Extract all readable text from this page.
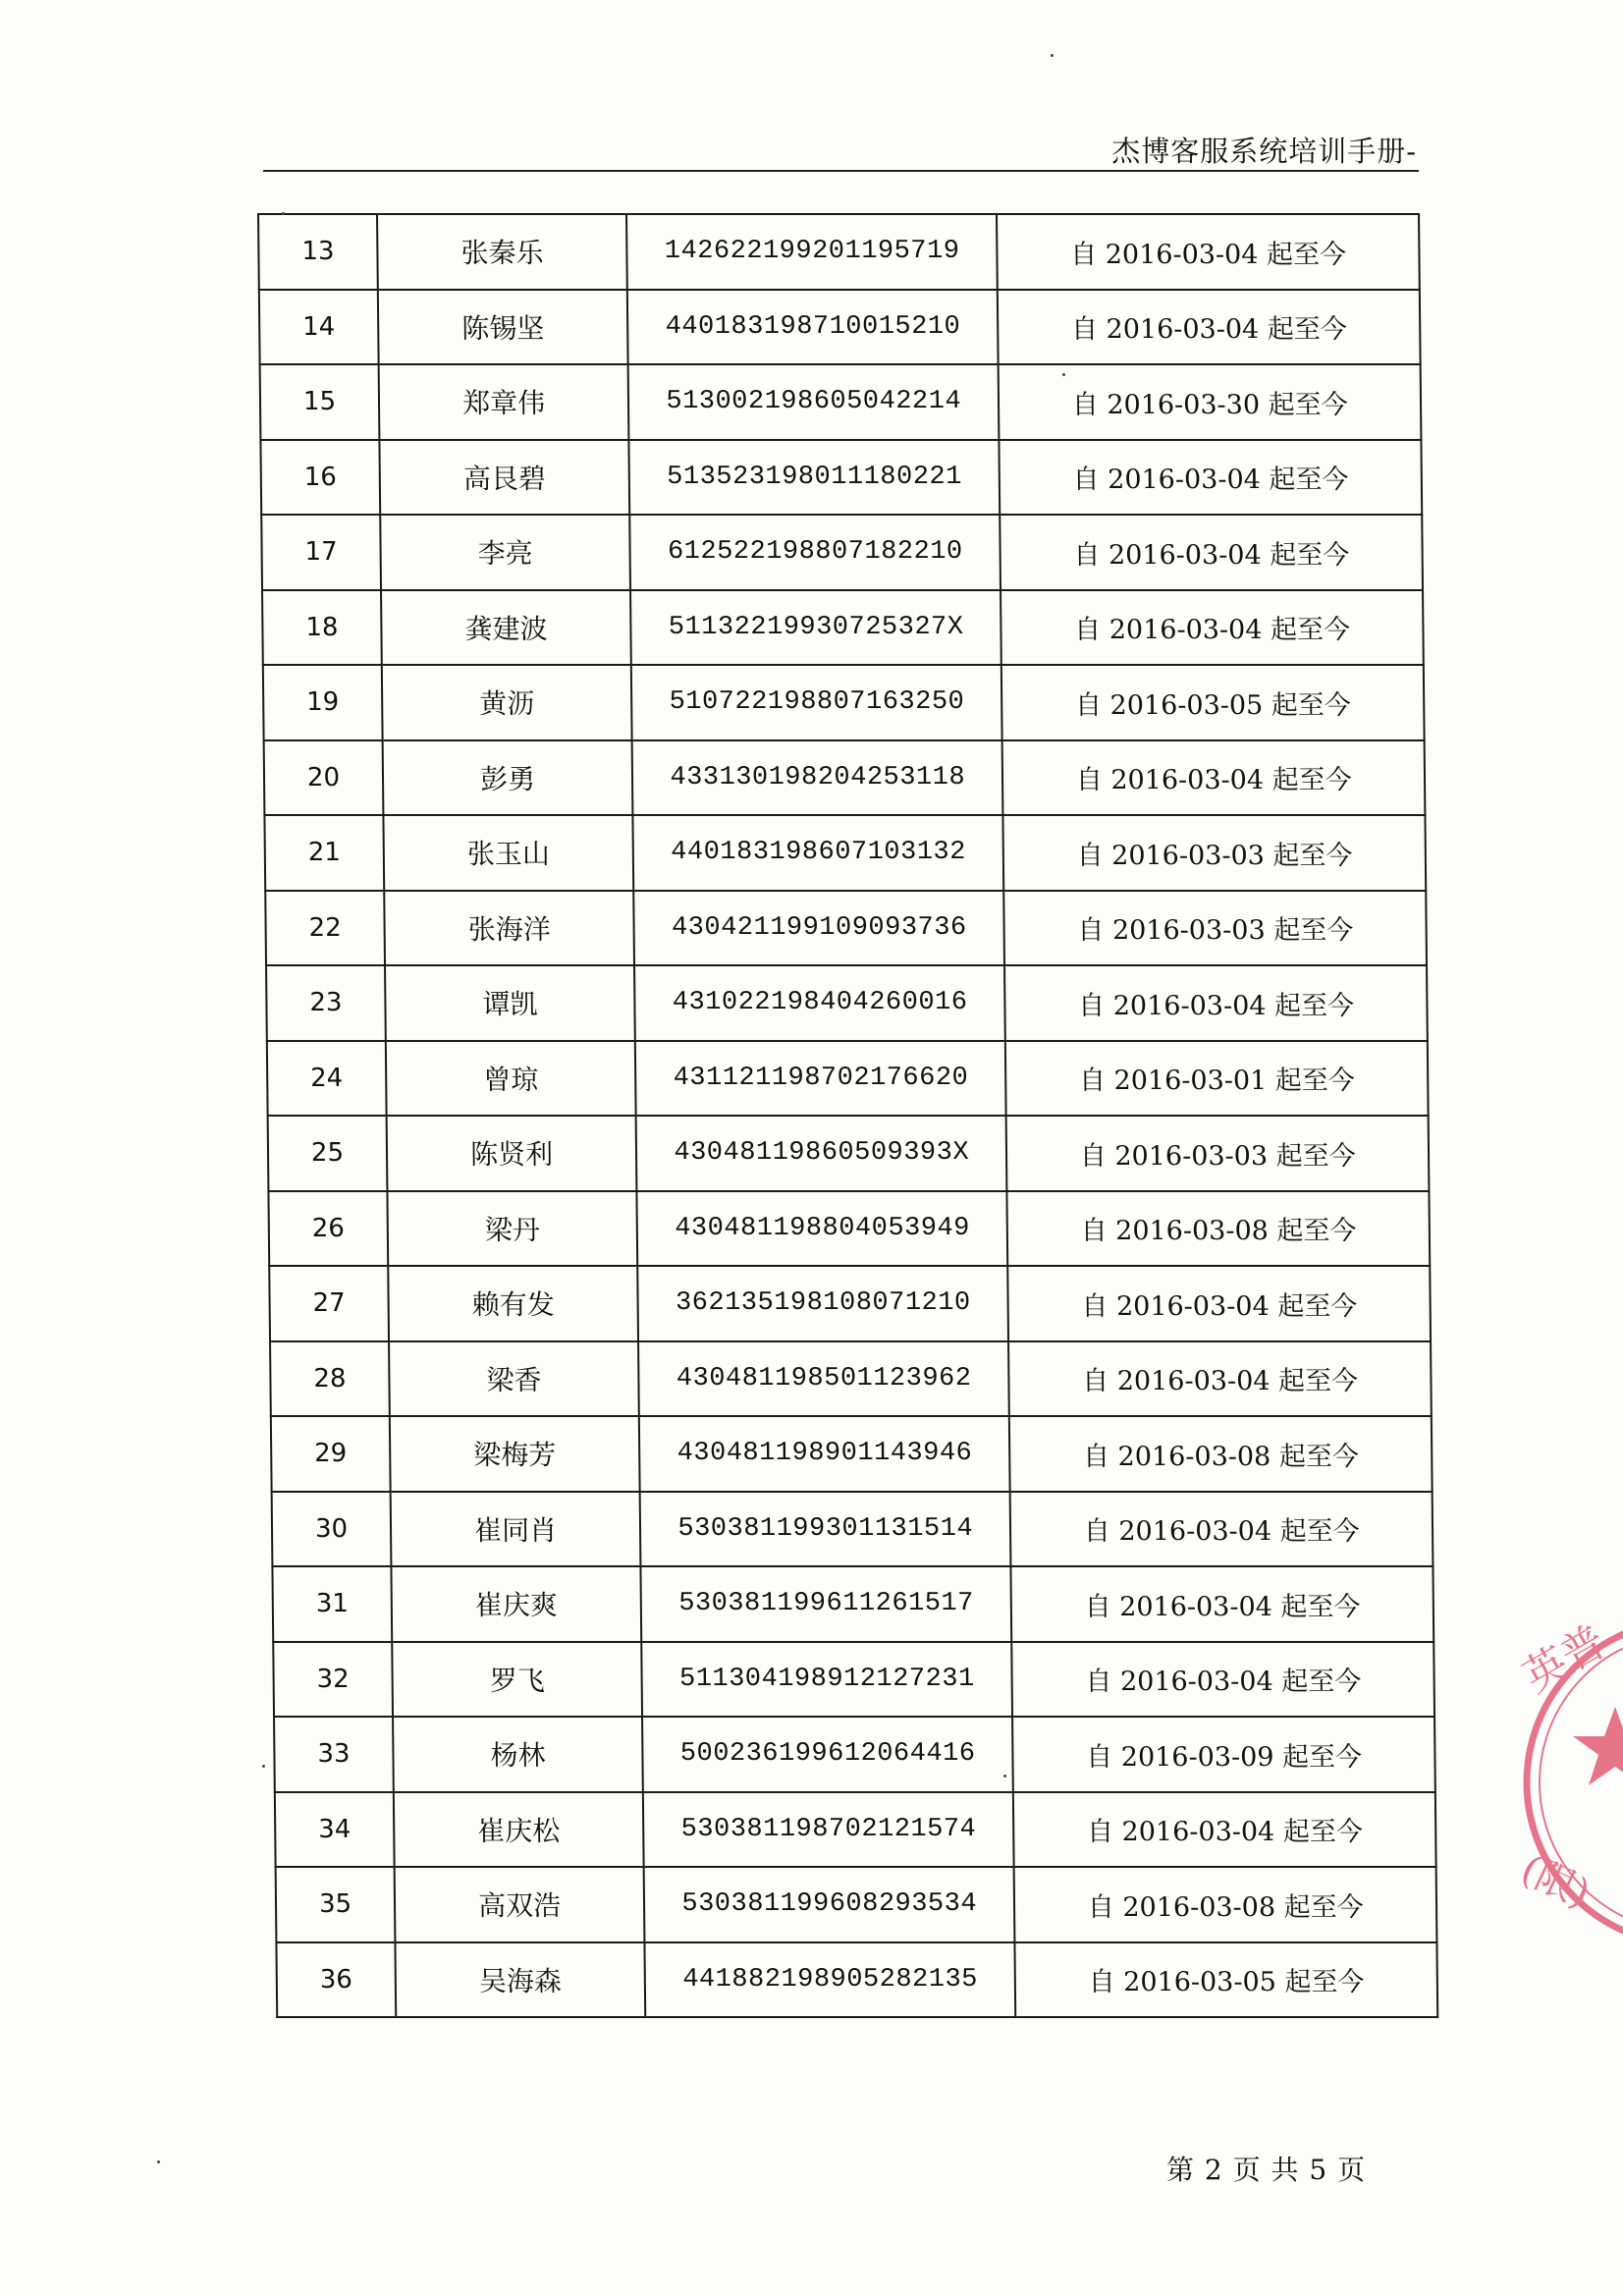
杰博客服系统培训手册-
13	张秦乐	142622199201195719	自 2016-03-04 起至今
14	陈锡坚	440183198710015210	自 2016-03-04 起至今
15	郑章伟	513002198605042214	自 2016-03-30 起至今
16	高艮碧	513523198011180221	自 2016-03-04 起至今
17	李亮	612522198807182210	自 2016-03-04 起至今
18	龚建波	51132219930725327X	自 2016-03-04 起至今
19	黄沥	510722198807163250	自 2016-03-05 起至今
20	彭勇	433130198204253118	自 2016-03-04 起至今
21	张玉山	440183198607103132	自 2016-03-03 起至今
22	张海洋	430421199109093736	自 2016-03-03 起至今
23	谭凯	431022198404260016	自 2016-03-04 起至今
24	曾琼	431121198702176620	自 2016-03-01 起至今
25	陈贤利	43048119860509393X	自 2016-03-03 起至今
26	梁丹	430481198804053949	自 2016-03-08 起至今
27	赖有发	362135198108071210	自 2016-03-04 起至今
28	梁香	430481198501123962	自 2016-03-04 起至今
29	梁梅芳	430481198901143946	自 2016-03-08 起至今
30	崔同肖	530381199301131514	自 2016-03-04 起至今
31	崔庆爽	530381199611261517	自 2016-03-04 起至今
32	罗飞	511304198912127231	自 2016-03-04 起至今
33	杨林	500236199612064416	自 2016-03-09 起至今
34	崔庆松	530381198702121574	自 2016-03-04 起至今
35	高双浩	530381199608293534	自 2016-03-08 起至今
36	吴海森	441882198905282135	自 2016-03-05 起至今
第 2 页 共 5 页
英普
(限)
